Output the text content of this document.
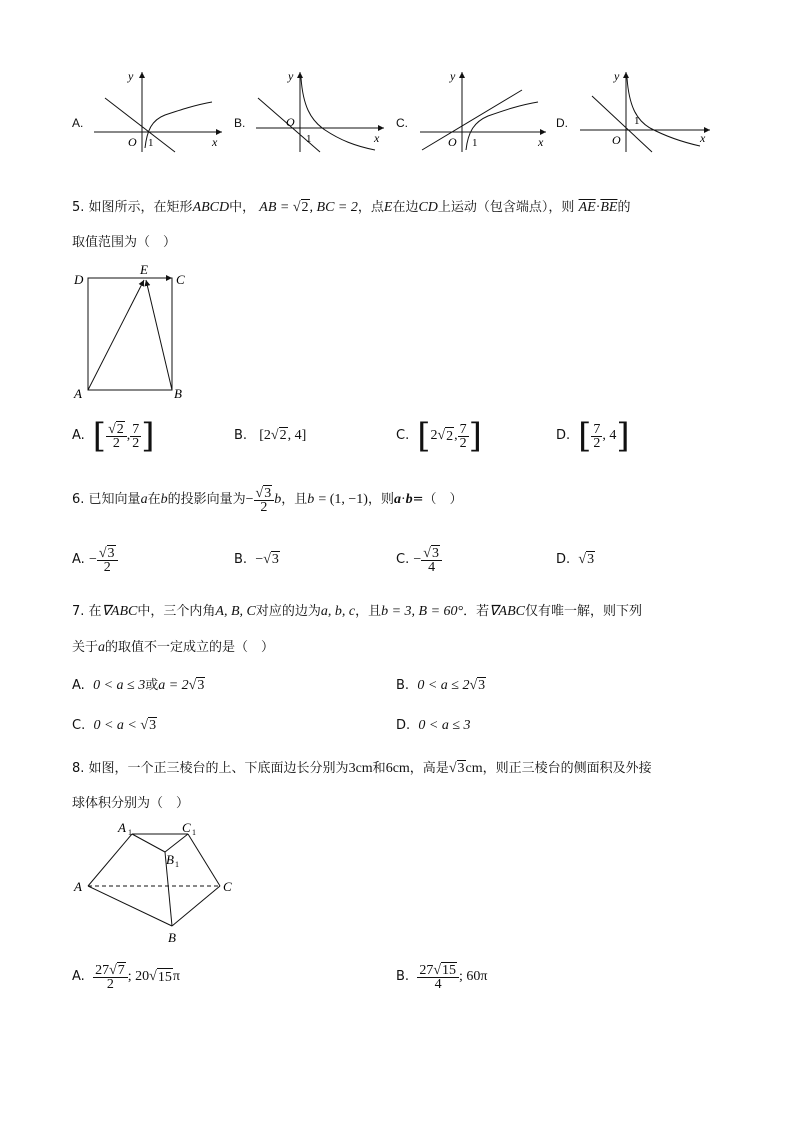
A.	B.	C.	D.
O 1	x
y
O
1	x
y
O 1	x
y
O
1
x
y
5. 如图所示，在矩形ABCD中， AB = √2, BC = 2，点E在边CD上运动（包含端点），则 $\overline{AE}\cdot\overline{BE}$的
取值范围为（　）
D
E
C
A	B
A. [ $\frac{√2}{2}$ , $\frac{7}{2}$ ]	B. [2√2, 4]	C. [ 2 √ 2 , $\frac{7}{2}$ ]	D. [ $\frac{7}{2}$ , 4 ]
6.
已知向量 a 在 b 的投影向量为 − $\frac{√3}{2}$ b ，且 b
= (1, −1) ，则 a · b =（　）
A.
− $\frac{√3}{2}$	B. −√3	C.
− $\frac{√3}{4}$	D. √3
7. 在∇ABC中，三个内角A, B, C对应的边为a, b, c，且b = 3, B = 60°．若∇ABC仅有唯一解，则下列
关于a的取值不一定成立的是（　）
A. 0 < a ≤ 3或a = 2√3	B. 0 < a ≤ 2√3
C. 0 < a < √3	D. 0 < a ≤ 3
8. 如图，一个正三棱台的上、下底面边长分别为3cm和6cm，高是√3cm，则正三棱台的侧面积及外接
球体积分别为（　）
A 1	C 1
B 1
A
B
C
A.
$\frac{27√7}{2}$ ; 20 √ 15 π	B.
$\frac{27√15}{4}$ ; 60π
